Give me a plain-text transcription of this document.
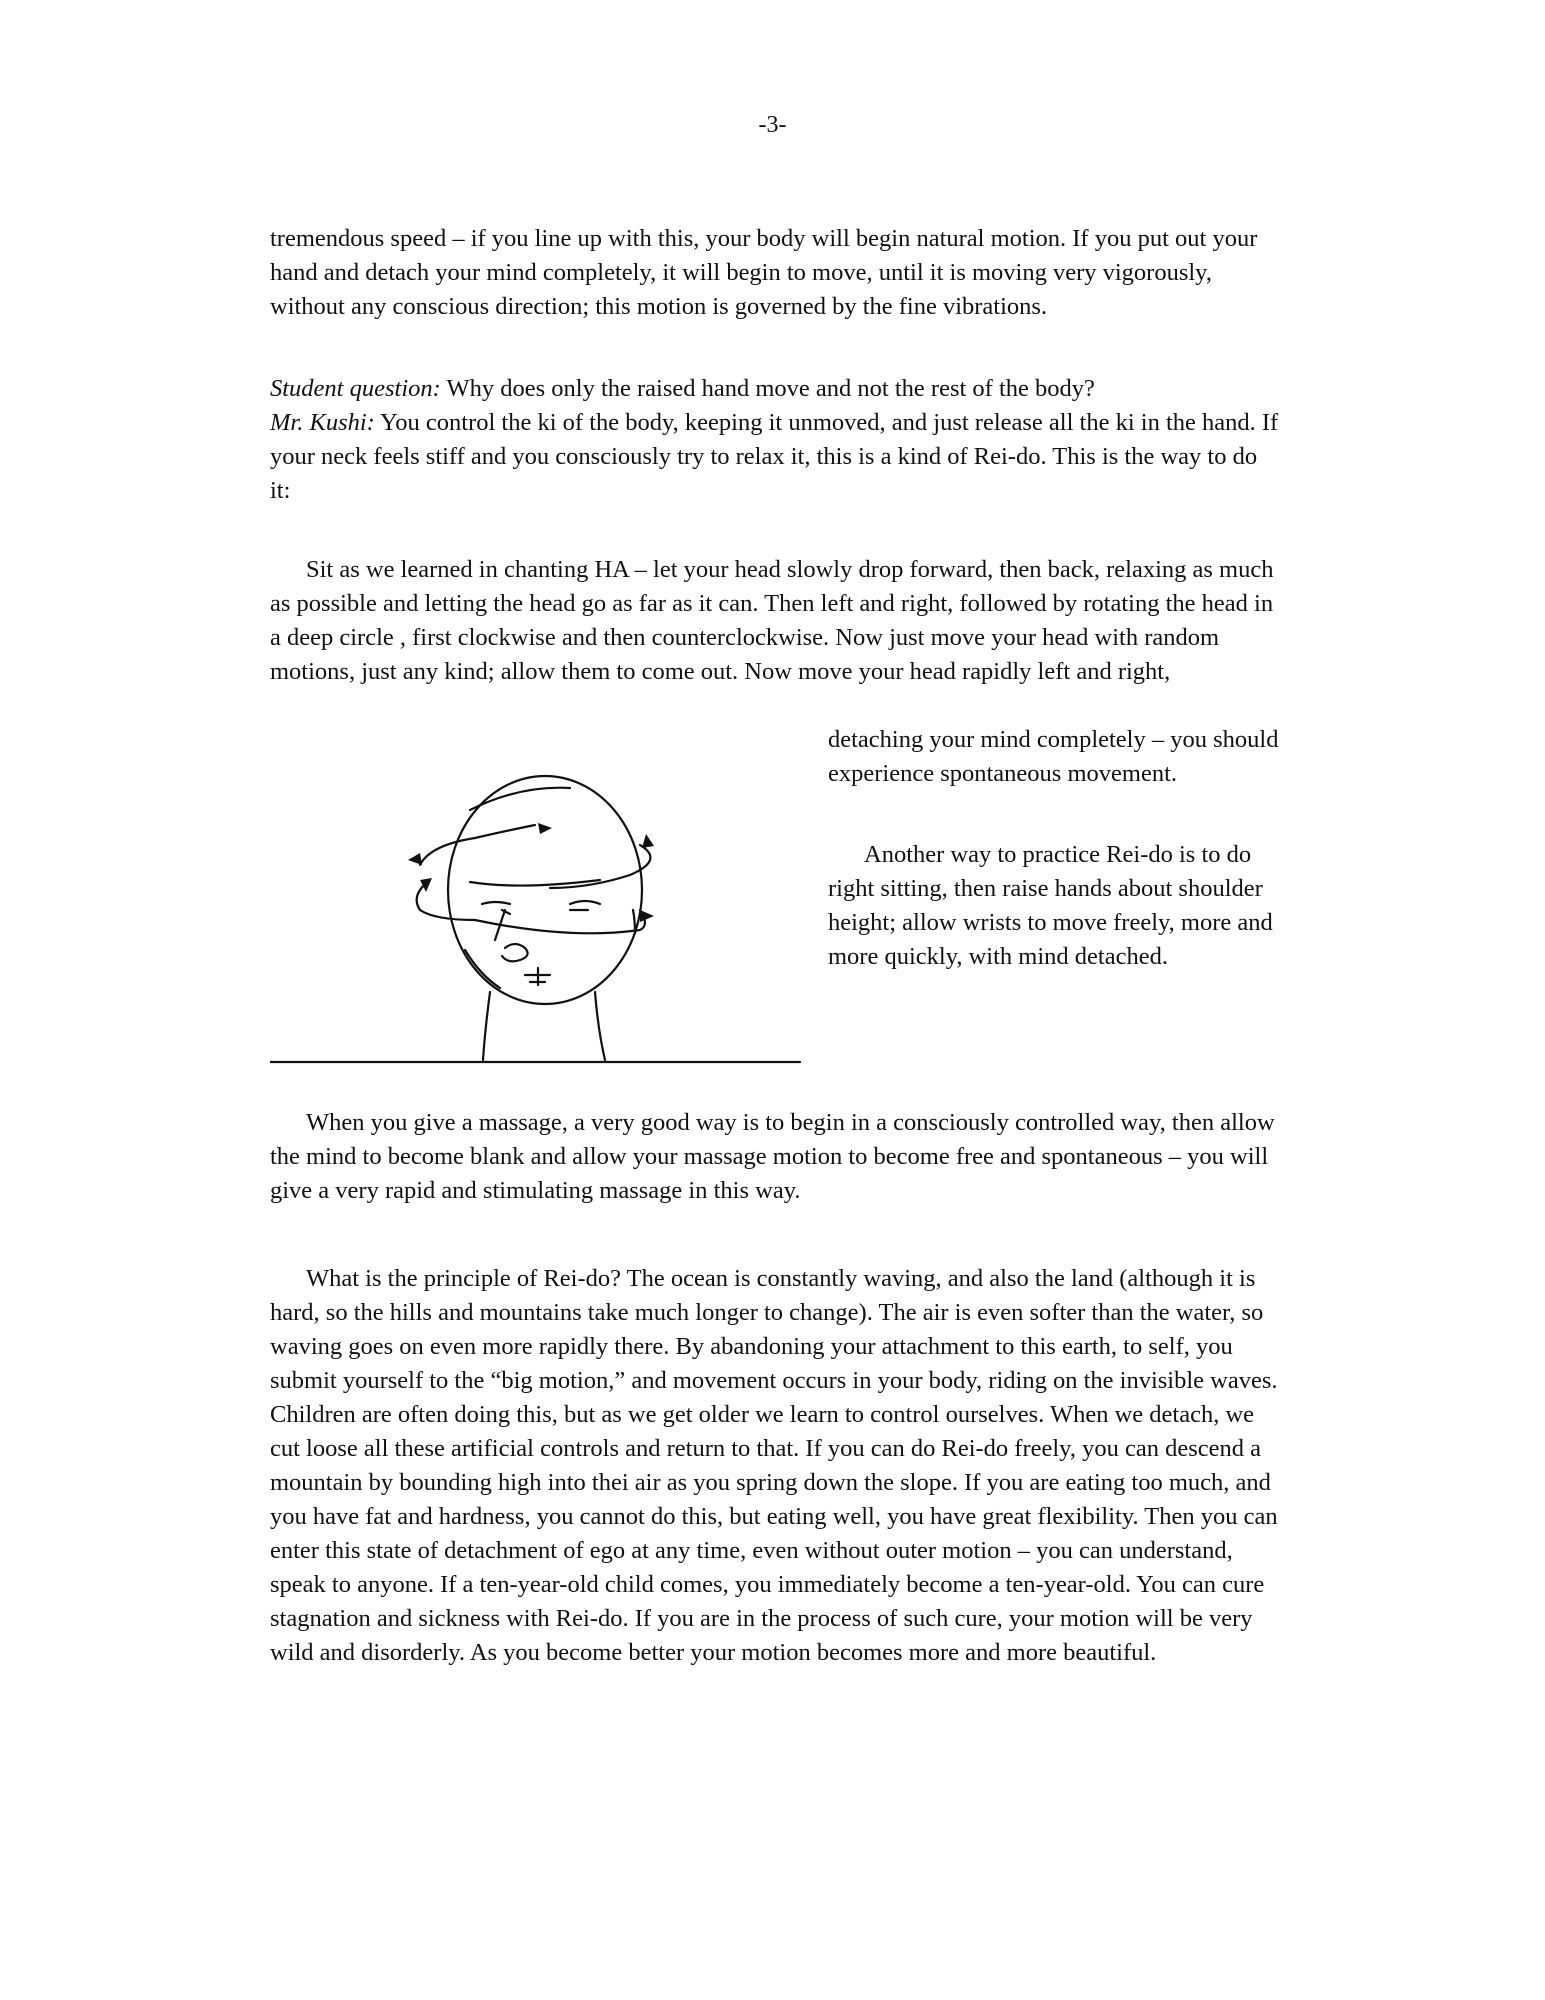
-3-

tremendous speed – if you line up with this, your body will begin natural motion. If you put out your hand and detach your mind completely, it will begin to move, until it is moving very vigorously, without any conscious direction; this motion is governed by the fine vibrations.

Student question: Why does only the raised hand move and not the rest of the body?
Mr. Kushi: You control the ki of the body, keeping it unmoved, and just release all the ki in the hand. If your neck feels stiff and you consciously try to relax it, this is a kind of Rei-do. This is the way to do it:

Sit as we learned in chanting HA – let your head slowly drop forward, then back, relaxing as much as possible and letting the head go as far as it can. Then left and right, followed by rotating the head in a deep circle , first clockwise and then counterclockwise. Now just move your head with random motions, just any kind; allow them to come out. Now move your head rapidly left and right,

detaching your mind completely – you should experience spontaneous movement.

Another way to practice Rei-do is to do right sitting, then raise hands about shoulder height; allow wrists to move freely, more and more quickly, with mind detached.

When you give a massage, a very good way is to begin in a consciously controlled way, then allow the mind to become blank and allow your massage motion to become free and spontaneous – you will give a very rapid and stimulating massage in this way.

What is the principle of Rei-do? The ocean is constantly waving, and also the land (although it is hard, so the hills and mountains take much longer to change). The air is even softer than the water, so waving goes on even more rapidly there. By abandoning your attachment to this earth, to self, you submit yourself to the “big motion,” and movement occurs in your body, riding on the invisible waves. Children are often doing this, but as we get older we learn to control ourselves. When we detach, we cut loose all these artificial controls and return to that. If you can do Rei-do freely, you can descend a mountain by bounding high into thei air as you spring down the slope. If you are eating too much, and you have fat and hardness, you cannot do this, but eating well, you have great flexibility. Then you can enter this state of detachment of ego at any time, even without outer motion – you can understand, speak to anyone. If a ten-year-old child comes, you immediately become a ten-year-old. You can cure stagnation and sickness with Rei-do. If you are in the process of such cure, your motion will be very wild and disorderly. As you become better your motion becomes more and more beautiful.
